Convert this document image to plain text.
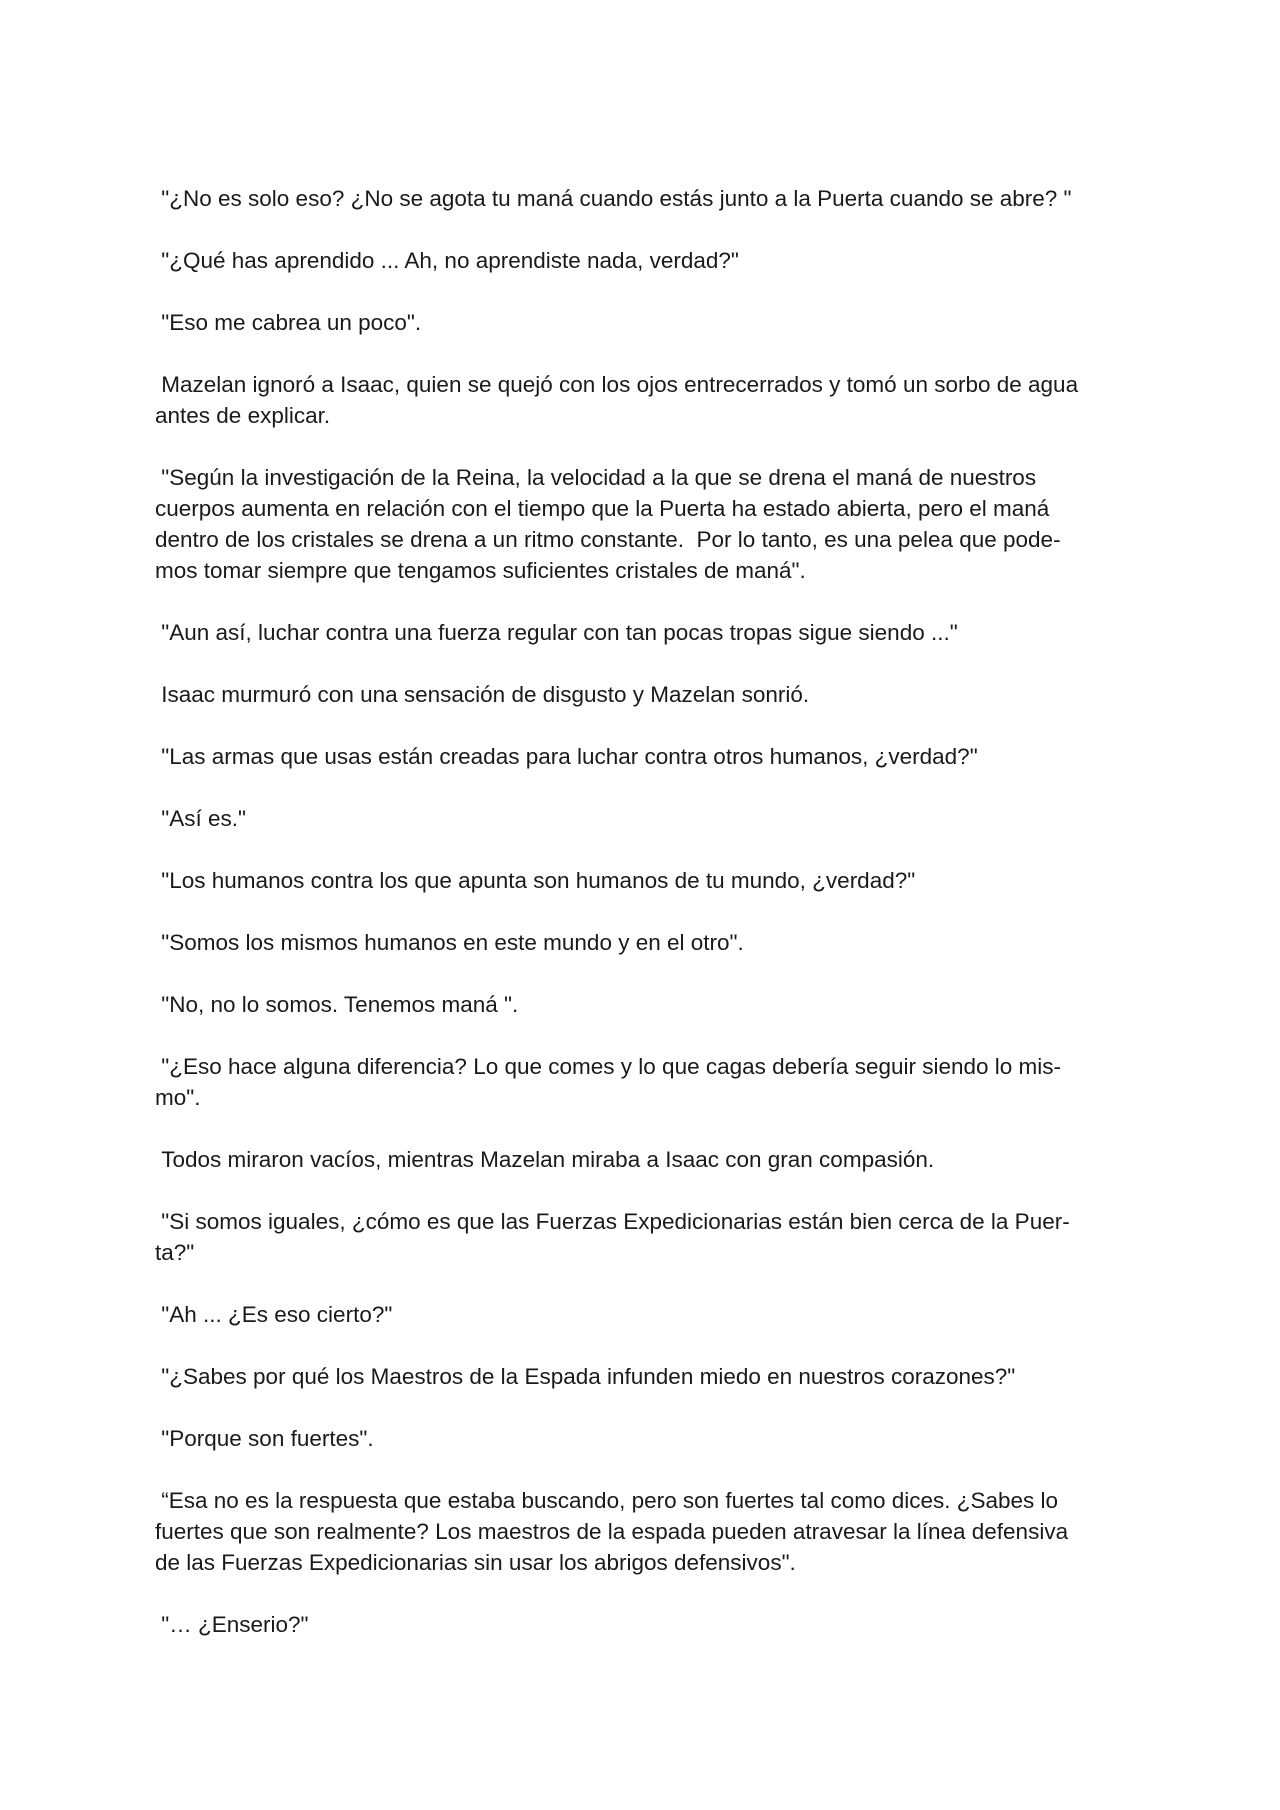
"¿No es solo eso? ¿No se agota tu maná cuando estás junto a la Puerta cuando se abre? "

"¿Qué has aprendido ... Ah, no aprendiste nada, verdad?"

"Eso me cabrea un poco".

Mazelan ignoró a Isaac, quien se quejó con los ojos entrecerrados y tomó un sorbo de agua
antes de explicar.

"Según la investigación de la Reina, la velocidad a la que se drena el maná de nuestros
cuerpos aumenta en relación con el tiempo que la Puerta ha estado abierta, pero el maná
dentro de los cristales se drena a un ritmo constante.  Por lo tanto, es una pelea que pode-
mos tomar siempre que tengamos suficientes cristales de maná".

"Aun así, luchar contra una fuerza regular con tan pocas tropas sigue siendo ..."

Isaac murmuró con una sensación de disgusto y Mazelan sonrió.

"Las armas que usas están creadas para luchar contra otros humanos, ¿verdad?"

"Así es."

"Los humanos contra los que apunta son humanos de tu mundo, ¿verdad?"

"Somos los mismos humanos en este mundo y en el otro".

"No, no lo somos. Tenemos maná ".

"¿Eso hace alguna diferencia? Lo que comes y lo que cagas debería seguir siendo lo mis-
mo".

Todos miraron vacíos, mientras Mazelan miraba a Isaac con gran compasión.

"Si somos iguales, ¿cómo es que las Fuerzas Expedicionarias están bien cerca de la Puer-
ta?"

"Ah ... ¿Es eso cierto?"

"¿Sabes por qué los Maestros de la Espada infunden miedo en nuestros corazones?"

"Porque son fuertes".

“Esa no es la respuesta que estaba buscando, pero son fuertes tal como dices. ¿Sabes lo
fuertes que son realmente? Los maestros de la espada pueden atravesar la línea defensiva
de las Fuerzas Expedicionarias sin usar los abrigos defensivos".

"… ¿Enserio?"
